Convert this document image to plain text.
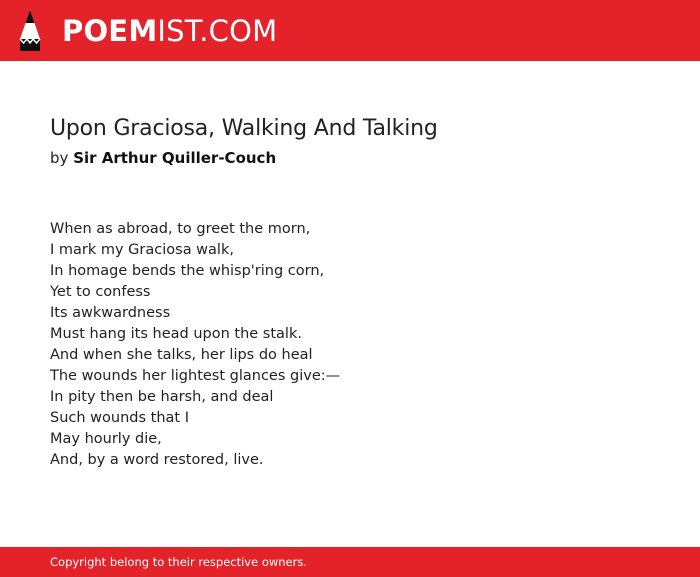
POEMIST.COM
Upon Graciosa, Walking And Talking
by Sir Arthur Quiller-Couch
When as abroad, to greet the morn,
I mark my Graciosa walk,
In homage bends the whisp'ring corn,
Yet to confess
Its awkwardness
Must hang its head upon the stalk.
And when she talks, her lips do heal
The wounds her lightest glances give:—
In pity then be harsh, and deal
Such wounds that I
May hourly die,
And, by a word restored, live.
Copyright belong to their respective owners.
